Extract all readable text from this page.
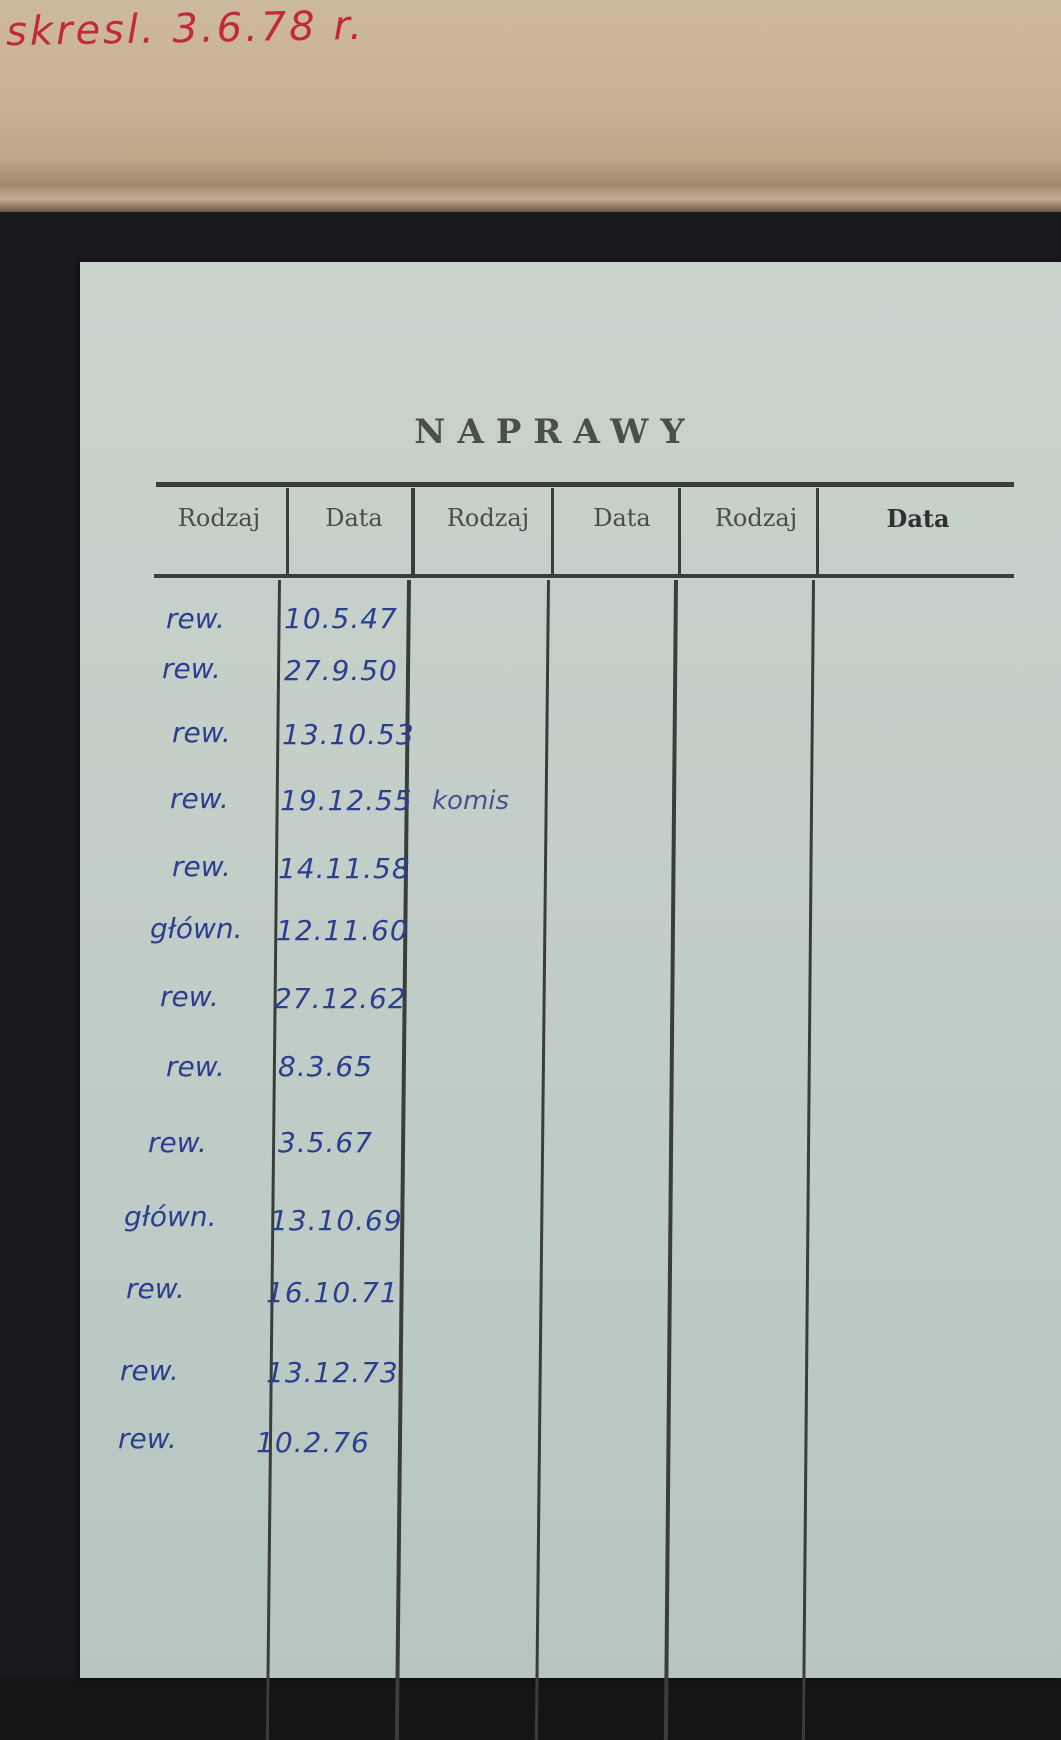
skresl. 3.6.78 r.
NAPRAWY
Rodzaj	Data	Rodzaj	Data	Rodzaj	Data
rew. 10.5.47
rew. 27.9.50
rew. 13.10.53
rew. 19.12.55 komis
rew. 14.11.58
główn. 12.11.60
rew. 27.12.62
rew. 8.3.65
rew.	3.5.67
główn. 13.10.69
rew.	16.10.71
rew.	13.12.73
rew.	10.2.76
